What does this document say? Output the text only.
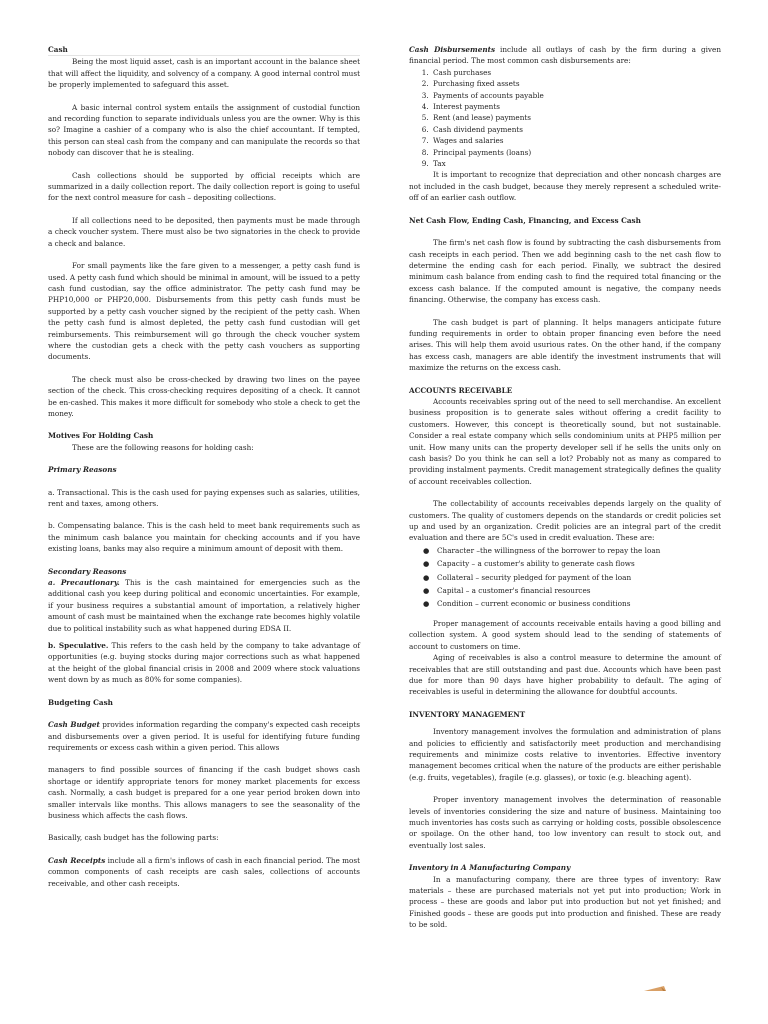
Cash

Being the most liquid asset, cash is an important account in the balance sheet that will affect the liquidity, and solvency of a company. A good internal control must be properly implemented to safeguard this asset.

A basic internal control system entails the assignment of custodial function and recording function to separate individuals unless you are the owner. Why is this so? Imagine a cashier of a company who is also the chief accountant. If tempted, this person can steal cash from the company and can manipulate the records so that nobody can discover that he is stealing.

Cash collections should be supported by official receipts which are summarized in a daily collection report. The daily collection report is going to useful for the next control measure for cash – depositing collections.

If all collections need to be deposited, then payments must be made through a check voucher system. There must also be two signatories in the check to provide a check and balance.

For small payments like the fare given to a messenger, a petty cash fund is used. A petty cash fund which should be minimal in amount, will be issued to a petty cash fund custodian, say the office administrator. The petty cash fund may be PHP10,000 or PHP20,000. Disbursements from this petty cash funds must be supported by a petty cash voucher signed by the recipient of the petty cash. When the petty cash fund is almost depleted, the petty cash fund custodian will get reimbursements. This reimbursement will go through the check voucher system where the custodian gets a check with the petty cash vouchers as supporting documents.

The check must also be cross-checked by drawing two lines on the payee section of the check. This cross-checking requires depositing of a check. It cannot be en-cashed. This makes it more difficult for somebody who stole a check to get the money.

Motives For Holding Cash

These are the following reasons for holding cash:

Primary Reasons

a. Transactional. This is the cash used for paying expenses such as salaries, utilities, rent and taxes, among others.

b. Compensating balance. This is the cash held to meet bank requirements such as the minimum cash balance you maintain for checking accounts and if you have existing loans, banks may also require a minimum amount of deposit with them.

Secondary Reasons

a. Precautionary. This is the cash maintained for emergencies such as the additional cash you keep during political and economic uncertainties. For example, if your business requires a substantial amount of importation, a relatively higher amount of cash must be maintained when the exchange rate becomes highly volatile due to political instability such as what happened during EDSA II.

b. Speculative. This refers to the cash held by the company to take advantage of opportunities (e.g. buying stocks during major corrections such as what happened at the height of the global financial crisis in 2008 and 2009 where stock valuations went down by as much as 80% for some companies).

Budgeting Cash

Cash Budget provides information regarding the company's expected cash receipts and disbursements over a given period. It is useful for identifying future funding requirements or excess cash within a given period. This allows

managers to find possible sources of financing if the cash budget shows cash shortage or identify appropriate tenors for money market placements for excess cash. Normally, a cash budget is prepared for a one year period broken down into smaller intervals like months. This allows managers to see the seasonality of the business which affects the cash flows.

Basically, cash budget has the following parts:

Cash Receipts include all a firm's inflows of cash in each financial period. The most common components of cash receipts are cash sales, collections of accounts receivable, and other cash receipts.

Cash Disbursements include all outlays of cash by the firm during a given financial period. The most common cash disbursements are:

1. Cash purchases
2. Purchasing fixed assets
3. Payments of accounts payable
4. Interest payments
5. Rent (and lease) payments
6. Cash dividend payments
7. Wages and salaries
8. Principal payments (loans)
9. Tax

It is important to recognize that depreciation and other noncash charges are not included in the cash budget, because they merely represent a scheduled write-off of an earlier cash outflow.

Net Cash Flow, Ending Cash, Financing, and Excess Cash

The firm's net cash flow is found by subtracting the cash disbursements from cash receipts in each period. Then we add beginning cash to the net cash flow to determine the ending cash for each period. Finally, we subtract the desired minimum cash balance from ending cash to find the required total financing or the excess cash balance. If the computed amount is negative, the company needs financing. Otherwise, the company has excess cash.

The cash budget is part of planning. It helps managers anticipate future funding requirements in order to obtain proper financing even before the need arises. This will help them avoid usurious rates. On the other hand, if the company has excess cash, managers are able identify the investment instruments that will maximize the returns on the excess cash.

ACCOUNTS RECEIVABLE

Accounts receivables spring out of the need to sell merchandise. An excellent business proposition is to generate sales without offering a credit facility to customers. However, this concept is theoretically sound, but not sustainable. Consider a real estate company which sells condominium units at PHP5 million per unit. How many units can the property developer sell if he sells the units only on cash basis? Do you think he can sell a lot? Probably not as many as compared to providing instalment payments. Credit management strategically defines the quality of account receivables collection.

The collectability of accounts receivables depends largely on the quality of customers. The quality of customers depends on the standards or credit policies set up and used by an organization. Credit policies are an integral part of the credit evaluation and there are 5C's used in credit evaluation. These are:

● Character –the willingness of the borrower to repay the loan
● Capacity – a customer's ability to generate cash flows
● Collateral – security pledged for payment of the loan
● Capital – a customer's financial resources
● Condition – current economic or business conditions

Proper management of accounts receivable entails having a good billing and collection system. A good system should lead to the sending of statements of account to customers on time.

Aging of receivables is also a control measure to determine the amount of receivables that are still outstanding and past due. Accounts which have been past due for more than 90 days have higher probability to default. The aging of receivables is useful in determining the allowance for doubtful accounts.

INVENTORY MANAGEMENT

Inventory management involves the formulation and administration of plans and policies to efficiently and satisfactorily meet production and merchandising requirements and minimize costs relative to inventories. Effective inventory management becomes critical when the nature of the products are either perishable (e.g. fruits, vegetables), fragile (e.g. glasses), or toxic (e.g. bleaching agent).

Proper inventory management involves the determination of reasonable levels of inventories considering the size and nature of business. Maintaining too much inventories has costs such as carrying or holding costs, possible obsolescence or spoilage. On the other hand, too low inventory can result to stock out, and eventually lost sales.

Inventory in A Manufacturing Company

In a manufacturing company, there are three types of inventory: Raw materials – these are purchased materials not yet put into production; Work in process – these are goods and labor put into production but not yet finished; and Finished goods – these are goods put into production and finished. These are ready to be sold.
